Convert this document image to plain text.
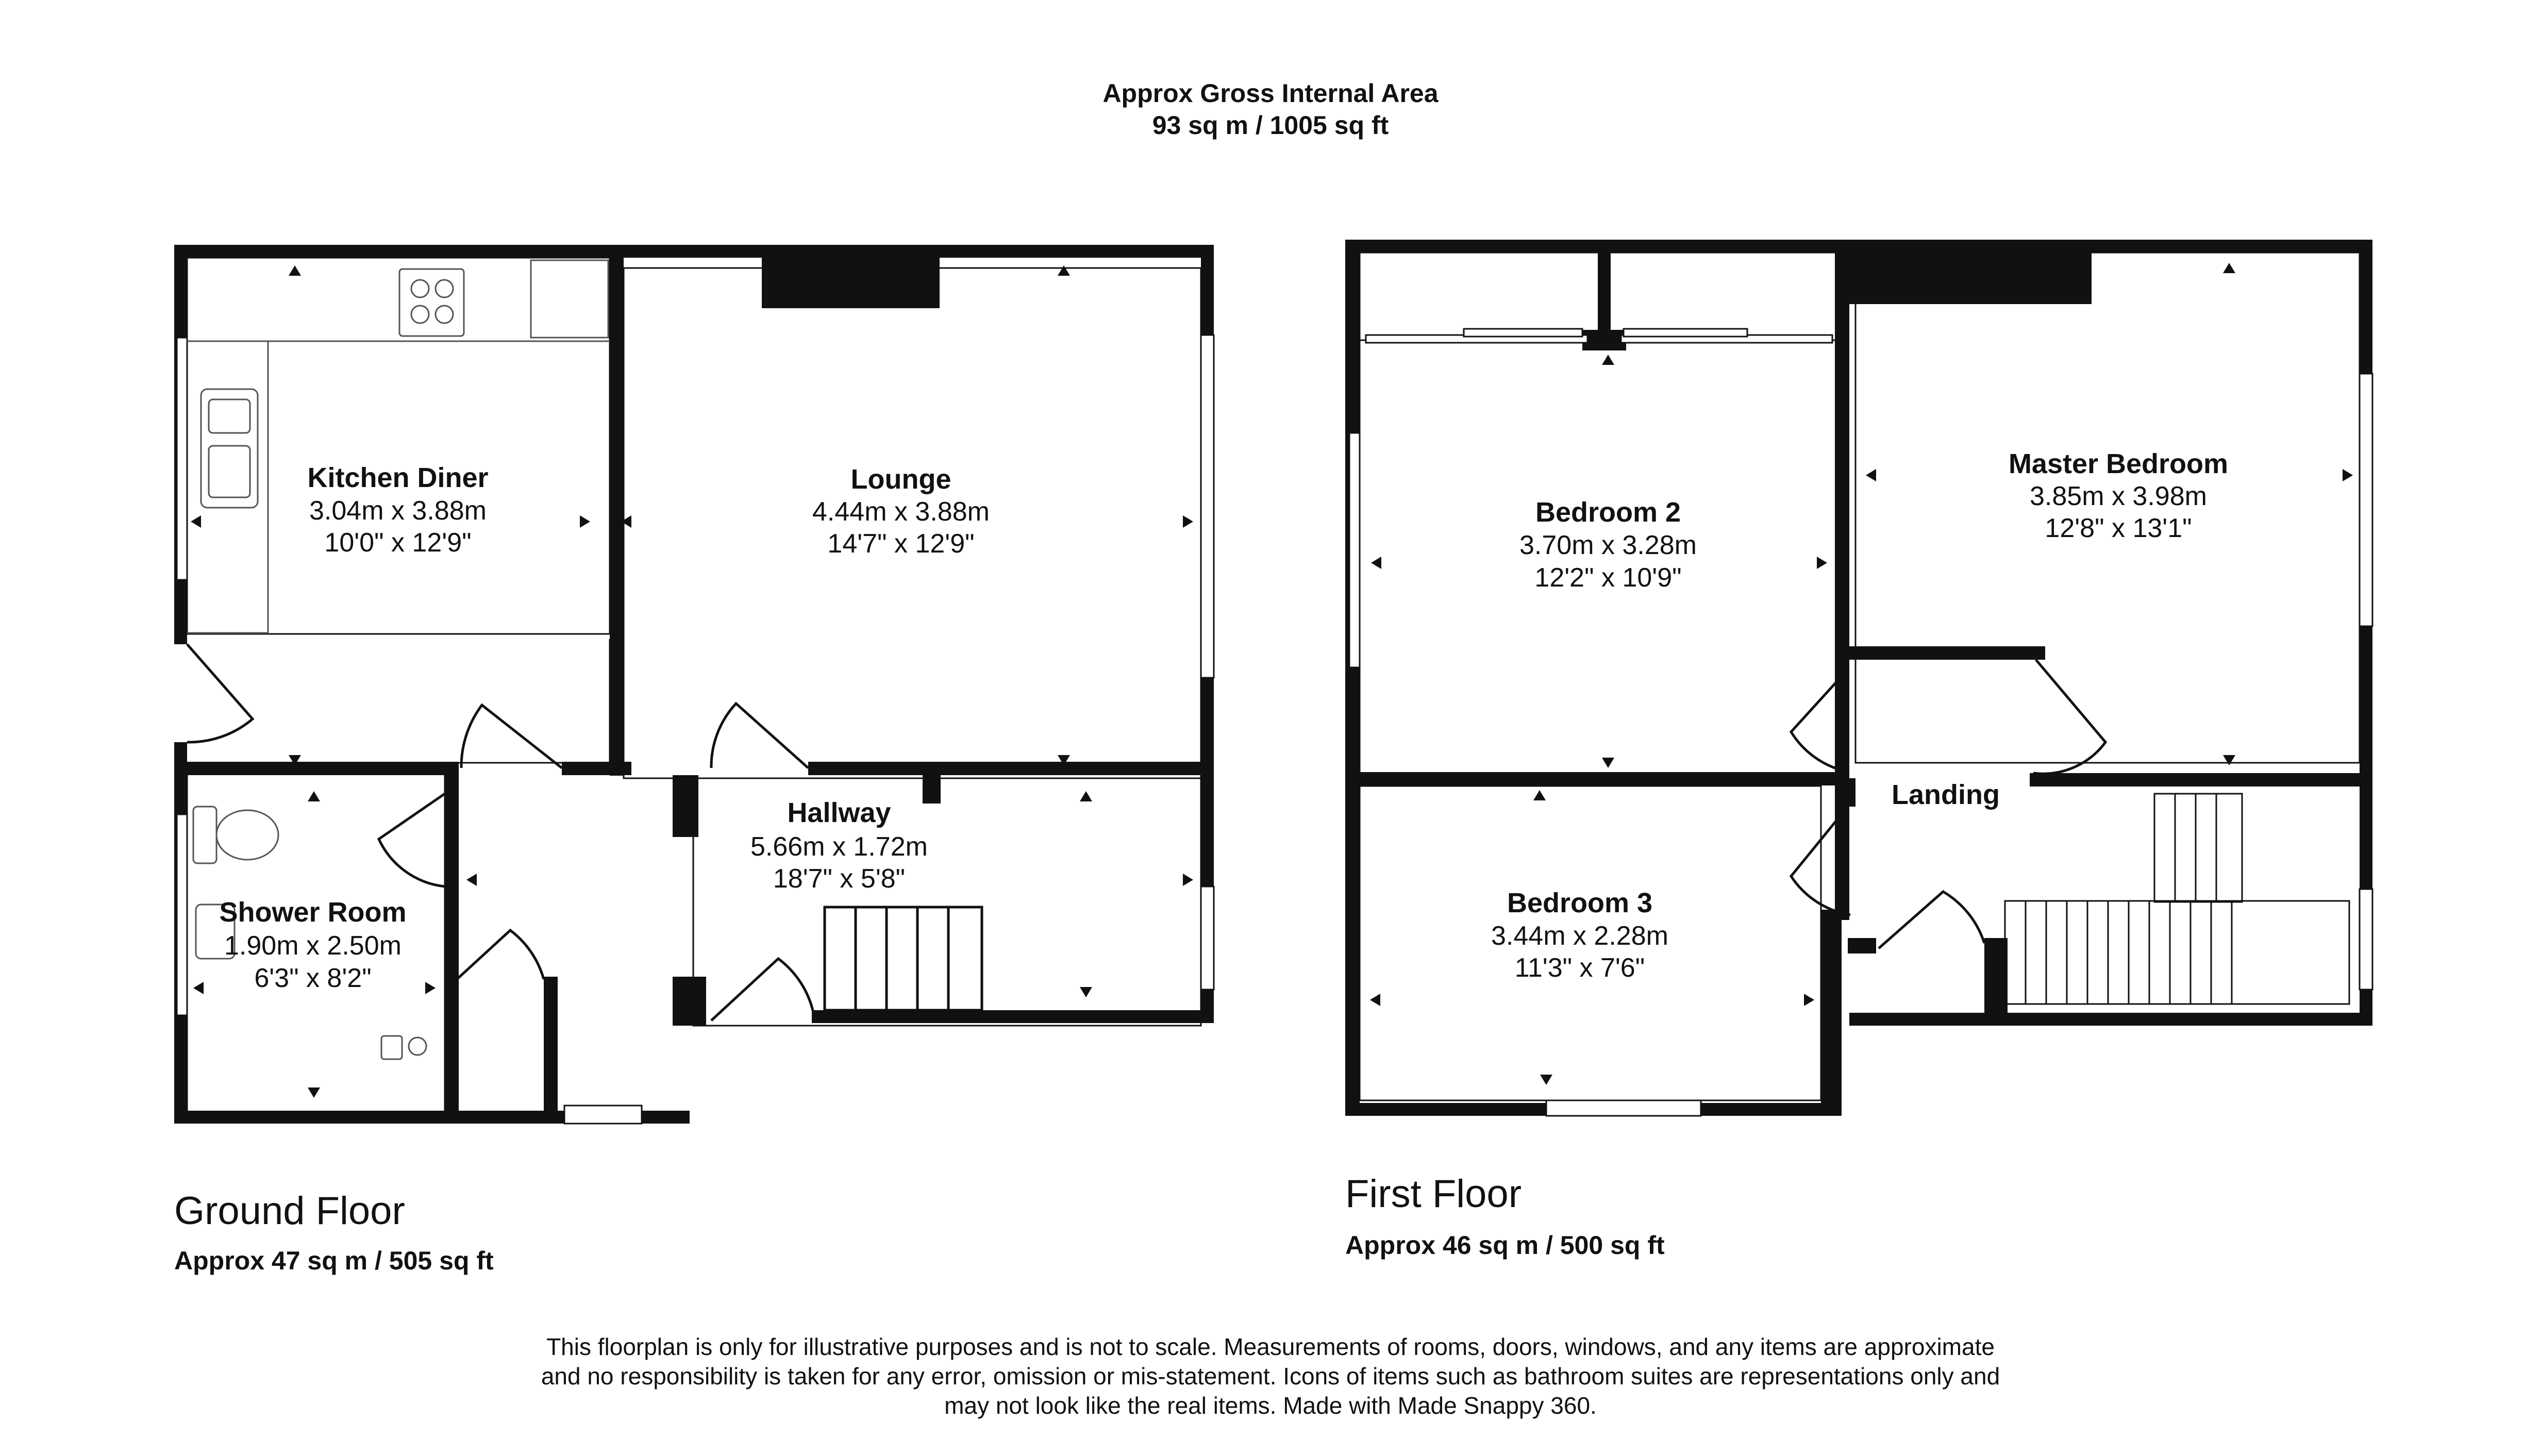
Approx Gross Internal Area
93 sq m / 1005 sq ft
Kitchen Diner
3.04m x 3.88m
10'0" x 12'9"
Lounge
4.44m x 3.88m
14'7" x 12'9"
Hallway
5.66m x 1.72m
18'7" x 5'8"
Shower Room
1.90m x 2.50m
6'3" x 8'2"
Bedroom 2
3.70m x 3.28m
12'2" x 10'9"
Master Bedroom
3.85m x 3.98m
12'8" x 13'1"
Landing
Bedroom 3
3.44m x 2.28m
11'3" x 7'6"
Ground Floor
Approx 47 sq m / 505 sq ft
First Floor
Approx 46 sq m / 500 sq ft
This floorplan is only for illustrative purposes and is not to scale. Measurements of rooms, doors, windows, and any items are approximate
and no responsibility is taken for any error, omission or mis-statement. Icons of items such as bathroom suites are representations only and
may not look like the real items. Made with Made Snappy 360.
